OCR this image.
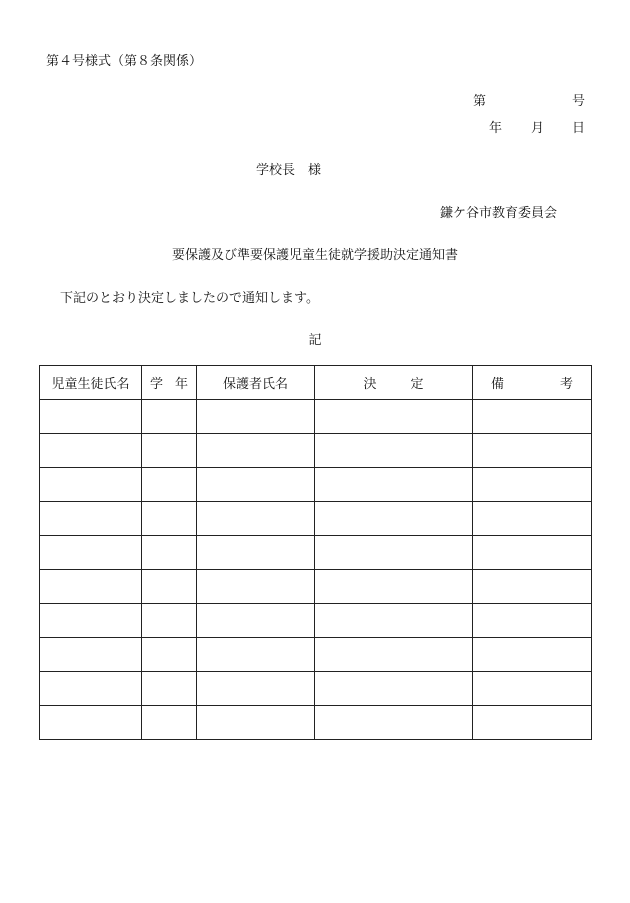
第４号様式（第８条関係）
第	号
年 月 日
学校長 様
鎌ケ谷市教育委員会
要保護及び準要保護児童生徒就学援助決定通知書
下記のとおり決定しましたので通知します。
記
児童生徒氏名	学 年	保護者氏名	決 定	備 考
